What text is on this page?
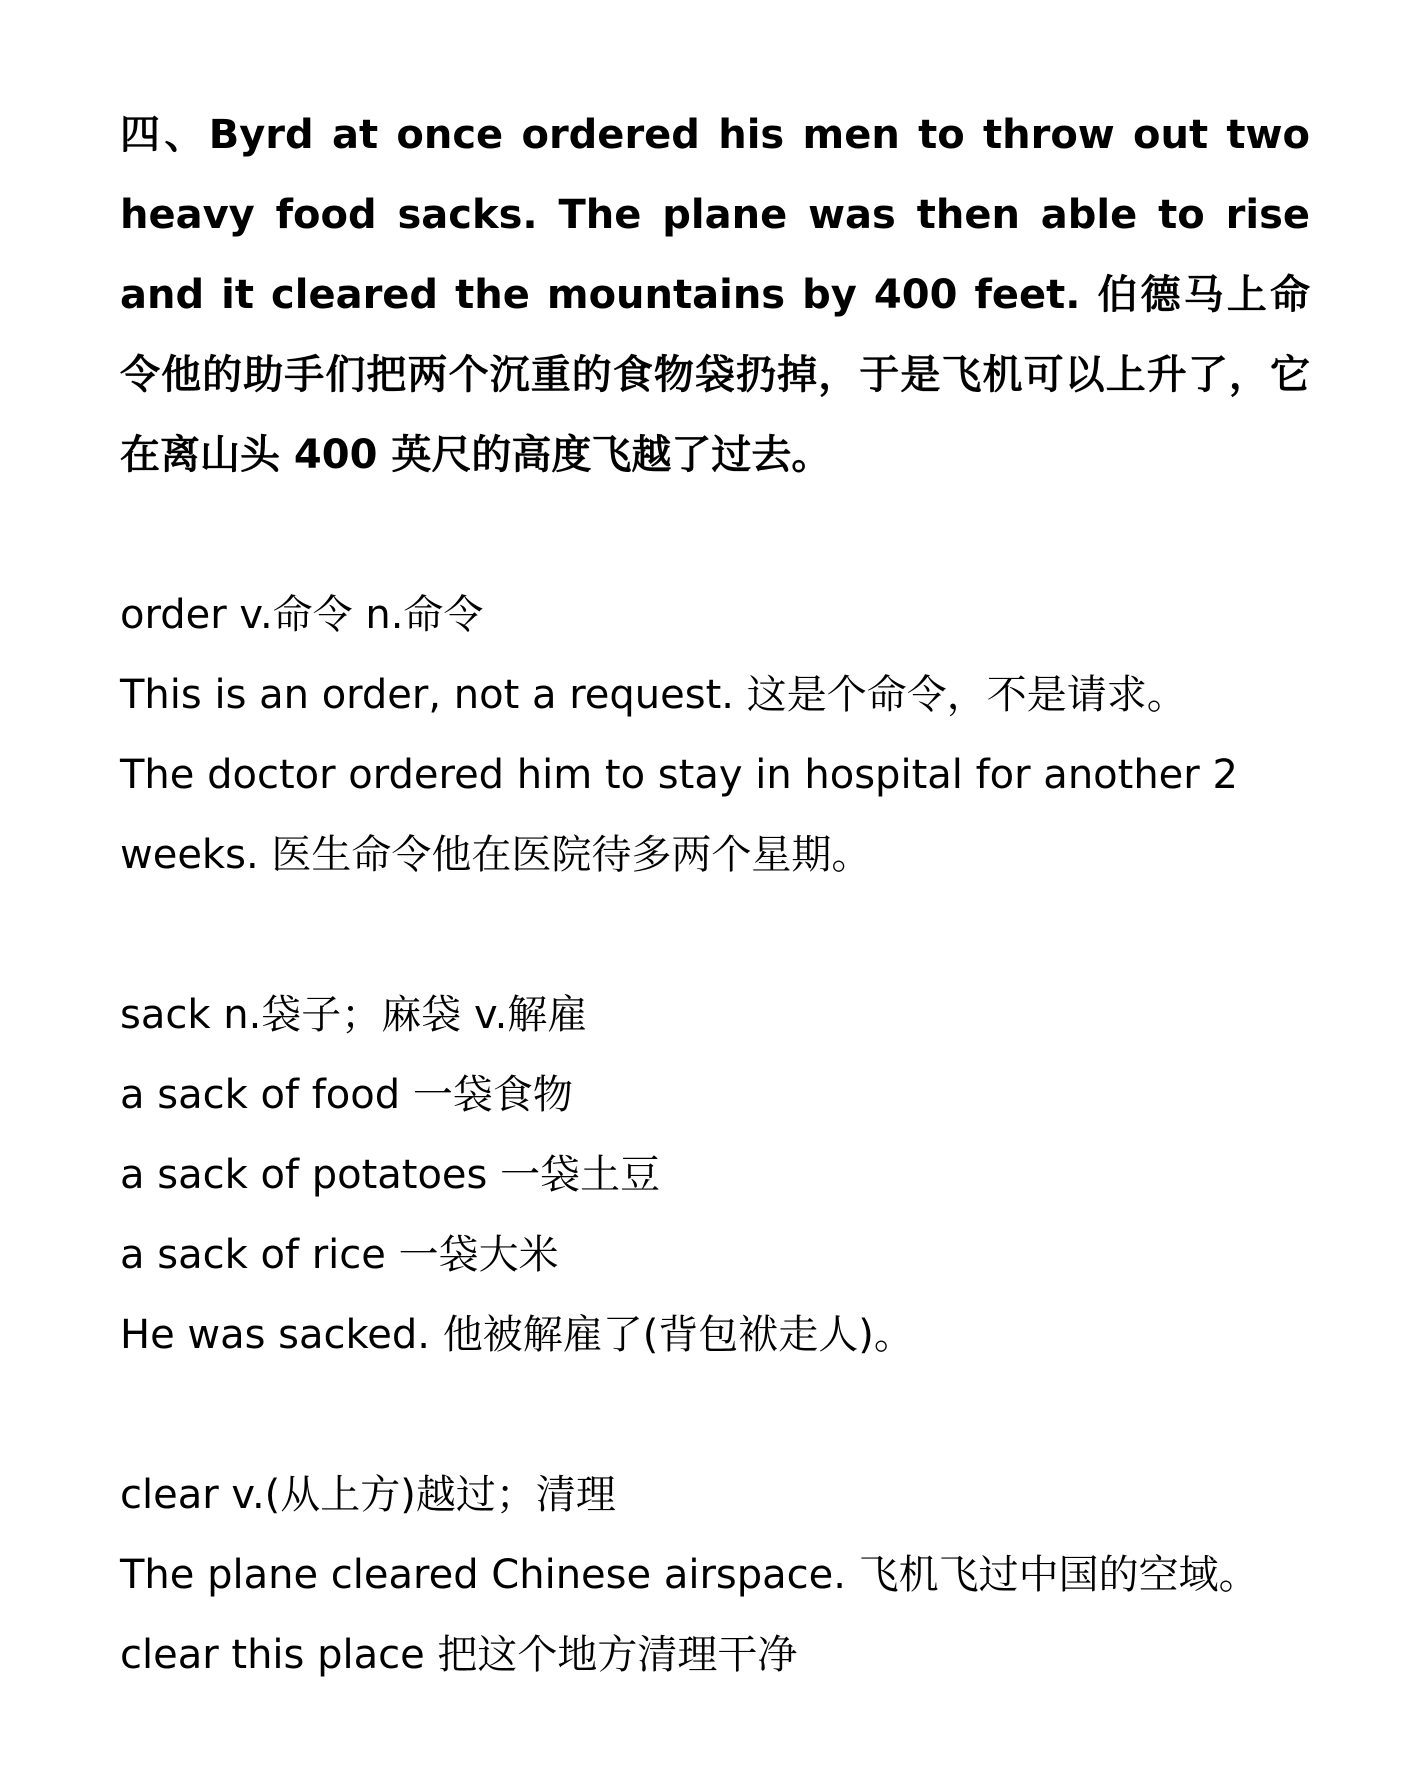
四、Byrd at once ordered his men to throw out two heavy food sacks. The plane was then able to rise and it cleared the mountains by 400 feet. 伯德马上命令他的助手们把两个沉重的食物袋扔掉，于是飞机可以上升了，它在离山头 400 英尺的高度飞越了过去。

order v.命令 n.命令

This is an order, not a request. 这是个命令，不是请求。

The doctor ordered him to stay in hospital for another 2 weeks. 医生命令他在医院待多两个星期。

sack n.袋子；麻袋 v.解雇

a sack of food 一袋食物

a sack of potatoes 一袋土豆

a sack of rice 一袋大米

He was sacked. 他被解雇了(背包袱走人)。

clear v.(从上方)越过；清理

The plane cleared Chinese airspace. 飞机飞过中国的空域。

clear this place 把这个地方清理干净
